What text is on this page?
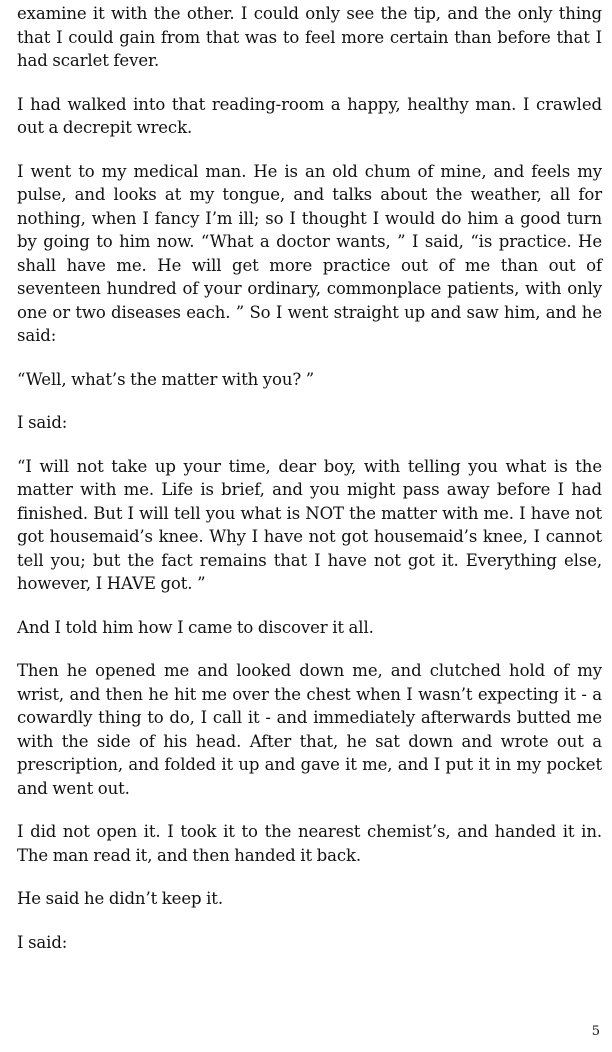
examine it with the other. I could only see the tip, and the only thing that I could gain from that was to feel more certain than before that I had scarlet fever.

I had walked into that reading-room a happy, healthy man. I crawled out a decrepit wreck.

I went to my medical man. He is an old chum of mine, and feels my pulse, and looks at my tongue, and talks about the weather, all for nothing, when I fancy I’m ill; so I thought I would do him a good turn by going to him now. “What a doctor wants, ” I said, “is practice. He shall have me. He will get more practice out of me than out of seventeen hundred of your ordinary, commonplace patients, with only one or two diseases each. ” So I went straight up and saw him, and he said:

“Well, what’s the matter with you? ”

I said:

“I will not take up your time, dear boy, with telling you what is the matter with me. Life is brief, and you might pass away before I had finished. But I will tell you what is NOT the matter with me. I have not got housemaid’s knee. Why I have not got housemaid’s knee, I cannot tell you; but the fact remains that I have not got it. Everything else, however, I HAVE got. ”

And I told him how I came to discover it all.

Then he opened me and looked down me, and clutched hold of my wrist, and then he hit me over the chest when I wasn’t expecting it - a cowardly thing to do, I call it - and immediately afterwards butted me with the side of his head. After that, he sat down and wrote out a prescription, and folded it up and gave it me, and I put it in my pocket and went out.

I did not open it. I took it to the nearest chemist’s, and handed it in. The man read it, and then handed it back.

He said he didn’t keep it.

I said:

5
